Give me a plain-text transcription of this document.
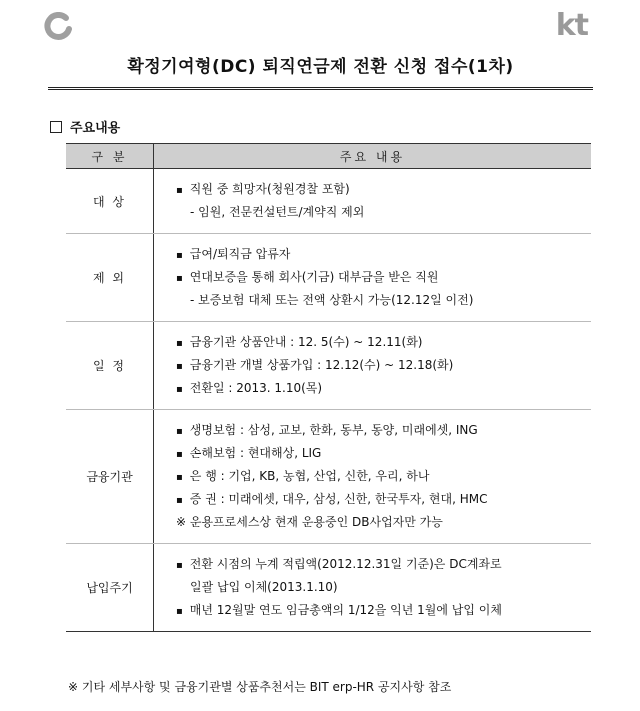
kt
확정기여형(DC) 퇴직연금제 전환 신청 접수(1차)
주요내용
구 분	주요 내용
대 상	▪ 직원 중 희망자(청원경찰 포함)
- 임원, 전문컨설턴트/계약직 제외

제 외	▪ 급여/퇴직금 압류자
▪ 연대보증을 통해 회사(기금) 대부금을 받은 직원
- 보증보험 대체 또는 전액 상환시 가능(12.12일 이전)

일 정	▪ 금융기관 상품안내 : 12. 5(수) ~ 12.11(화)
▪ 금융기관 개별 상품가입 : 12.12(수) ~ 12.18(화)
▪ 전환일 : 2013. 1.10(목)

금융기관	▪ 생명보험 : 삼성, 교보, 한화, 동부, 동양, 미래에셋, ING
▪ 손해보험 : 현대해상, LIG
▪ 은 행 : 기업, KB, 농협, 산업, 신한, 우리, 하나
▪ 증 권 : 미래에셋, 대우, 삼성, 신한, 한국투자, 현대, HMC
※ 운용프로세스상 현재 운용중인 DB사업자만 가능

납입주기	▪ 전환 시점의 누계 적립액(2012.12.31일 기준)은 DC계좌로
일괄 납입 이체(2013.1.10)
▪ 매년 12월말 연도 임금총액의 1/12을 익년 1월에 납입 이체
※ 기타 세부사항 및 금융기관별 상품추천서는 BIT erp-HR 공지사항 참조
